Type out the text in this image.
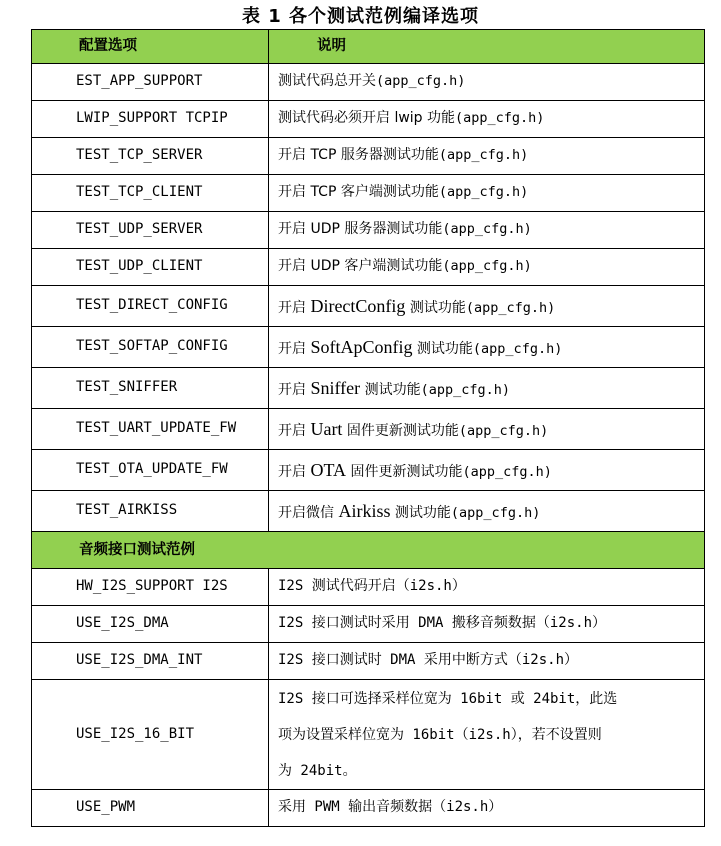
表 1 各个测试范例编译选项
配置选项	说明
EST_APP_SUPPORT	测试代码总开关(app_cfg.h)
LWIP_SUPPORT TCPIP	测试代码必须开启 lwip 功能(app_cfg.h)
TEST_TCP_SERVER	开启 TCP 服务器测试功能(app_cfg.h)
TEST_TCP_CLIENT	开启 TCP 客户端测试功能(app_cfg.h)
TEST_UDP_SERVER	开启 UDP 服务器测试功能(app_cfg.h)
TEST_UDP_CLIENT	开启 UDP 客户端测试功能(app_cfg.h)
TEST_DIRECT_CONFIG	开启 DirectConfig 测试功能(app_cfg.h)
TEST_SOFTAP_CONFIG	开启 SoftApConfig 测试功能(app_cfg.h)
TEST_SNIFFER	开启 Sniffer 测试功能(app_cfg.h)
TEST_UART_UPDATE_FW	开启 Uart 固件更新测试功能(app_cfg.h)
TEST_OTA_UPDATE_FW	开启 OTA 固件更新测试功能(app_cfg.h)
TEST_AIRKISS	开启微信 Airkiss 测试功能(app_cfg.h)
音频接口测试范例	
HW_I2S_SUPPORT I2S	I2S 测试代码开启（i2s.h）
USE_I2S_DMA	I2S 接口测试时采用 DMA 搬移音频数据（i2s.h）
USE_I2S_DMA_INT	I2S 接口测试时 DMA 采用中断方式（i2s.h）
USE_I2S_16_BIT	I2S 接口可选择采样位宽为 16bit 或 24bit，此选
项为设置采样位宽为 16bit（i2s.h），若不设置则
为 24bit。

USE_PWM	采用 PWM 输出音频数据（i2s.h）
